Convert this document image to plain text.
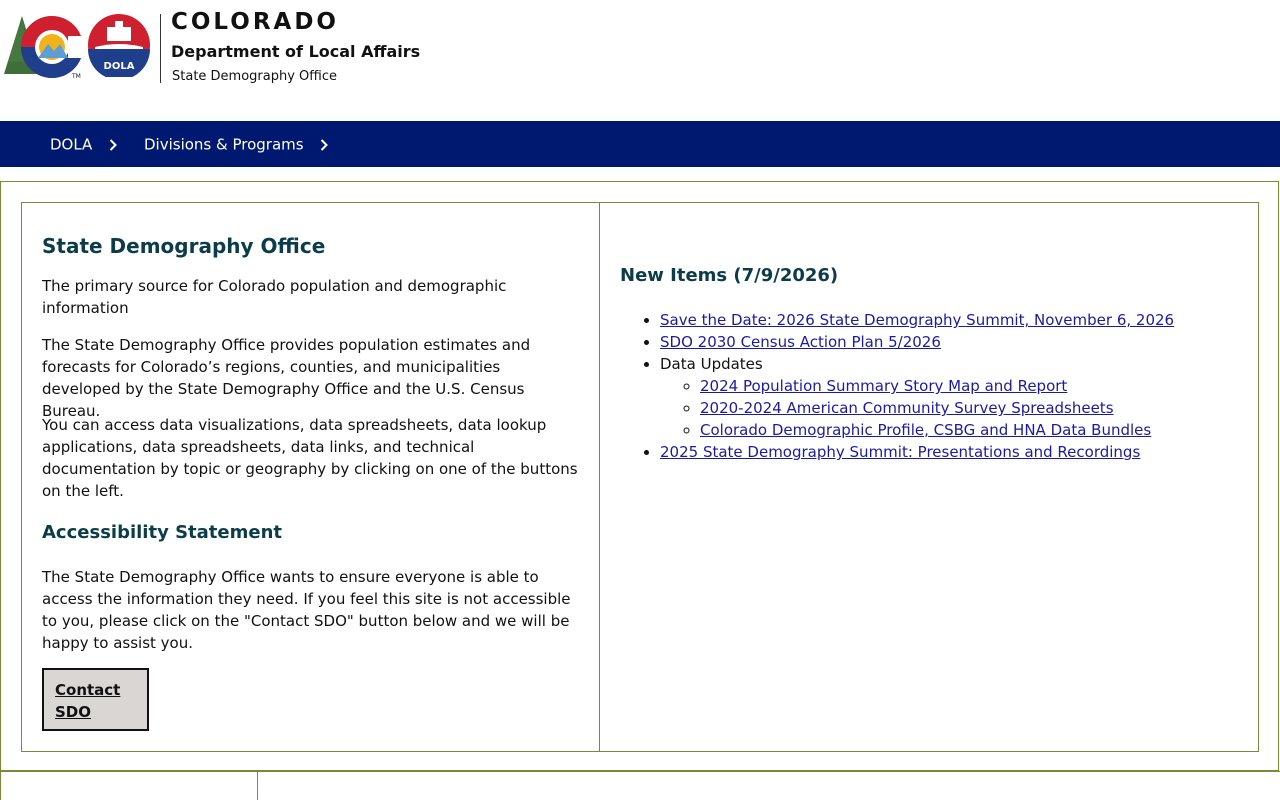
TM
DOLA
COLORADO
Department of Local Affairs
State Demography Office
DOLA	Divisions & Programs
State Demography Office

The primary source for Colorado population and demographic information

The State Demography Office provides population estimates and forecasts for Colorado’s regions, counties, and municipalities developed by the State Demography Office and the U.S. Census Bureau.

You can access data visualizations, data spreadsheets, data lookup applications, data spreadsheets, data links, and technical documentation by topic or geography by clicking on one of the buttons on the left.

Accessibility Statement

The State Demography Office wants to ensure everyone is able to access the information they need. If you feel this site is not accessible to you, please click on the "Contact SDO" button below and we will be happy to assist you.

Contact SDO
New Items (7/9/2026)
• Save the Date: 2026 State Demography Summit, November 6, 2026
• SDO 2030 Census Action Plan 5/2026
• Data Updates
◦ 2024 Population Summary Story Map and Report
◦ 2020-2024 American Community Survey Spreadsheets
◦ Colorado Demographic Profile, CSBG and HNA Data Bundles
• 2025 State Demography Summit: Presentations and Recordings
